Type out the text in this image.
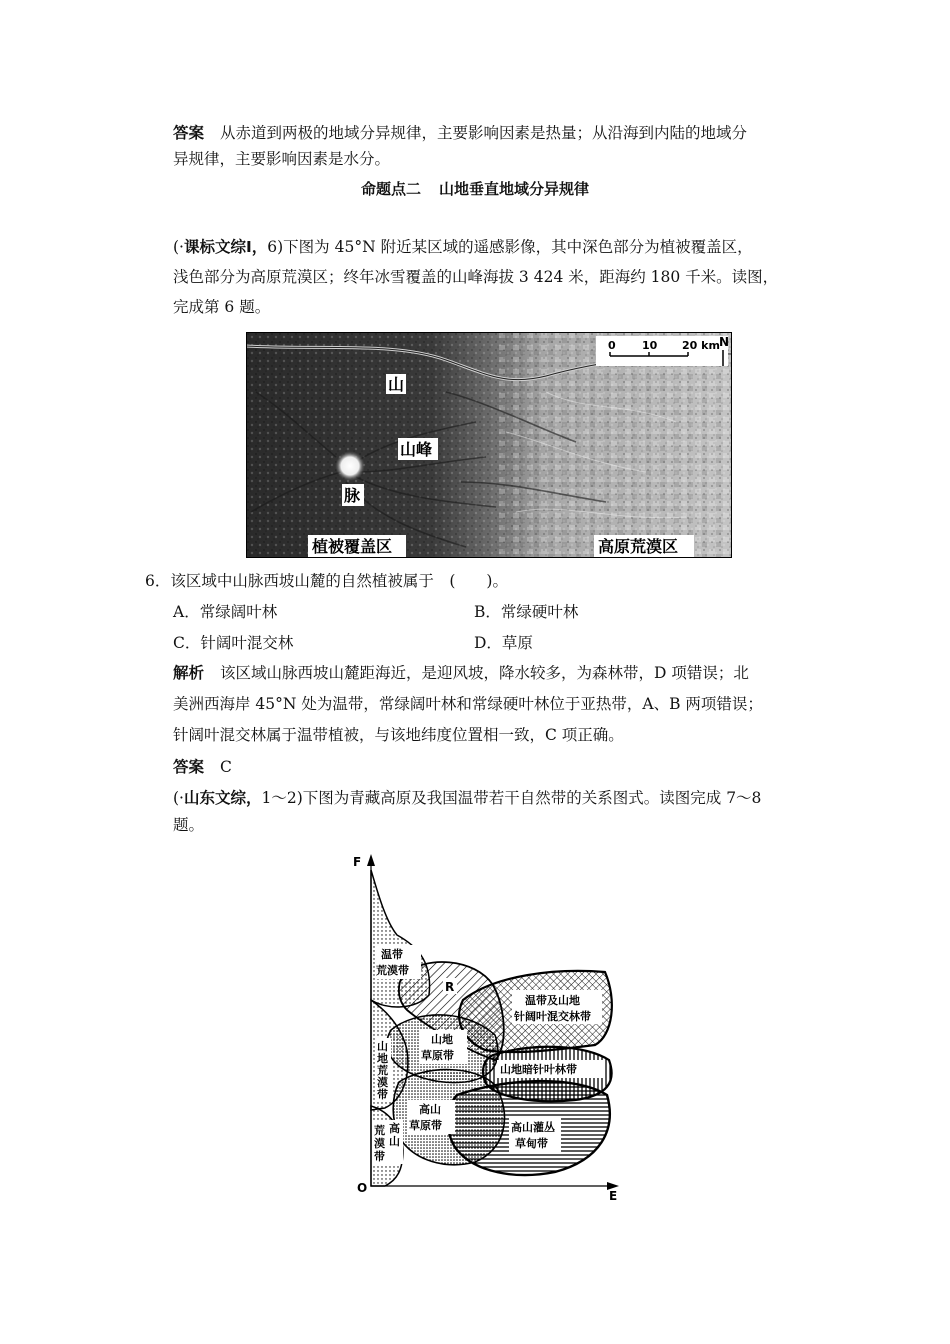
答案 从赤道到两极的地域分异规律，主要影响因素是热量；从沿海到内陆的地域分
异规律，主要影响因素是水分。
命题点二 山地垂直地域分异规律
(·课标文综Ⅰ，6)下图为 45°N 附近某区域的遥感影像，其中深色部分为植被覆盖区，
浅色部分为高原荒漠区；终年冰雪覆盖的山峰海拔 3 424 米，距海约 180 千米。读图，
完成第 6 题。
0 10 20 km N
山
山峰
脉
植被覆盖区	高原荒漠区
6．该区域中山脉西坡山麓的自然植被属于　(　　)。
A．常绿阔叶林	B．常绿硬叶林
C．针阔叶混交林	D．草原
解析 该区域山脉西坡山麓距海近，是迎风坡，降水较多，为森林带，D 项错误；北
美洲西海岸 45°N 处为温带，常绿阔叶林和常绿硬叶林位于亚热带，A、B 两项错误；
针阔叶混交林属于温带植被，与该地纬度位置相一致，C 项正确。
答案 C
(·山东文综，1～2)下图为青藏高原及我国温带若干自然带的关系图式。读图完成 7～8
题。
F
E
O
温带
荒漠带
R
温带及山地
针阔叶混交林带
山地
草原带
山
地
荒
漠
带
山地暗针叶林带
高山
草原带	高山灌丛
草甸带
高
山
荒
漠
带
